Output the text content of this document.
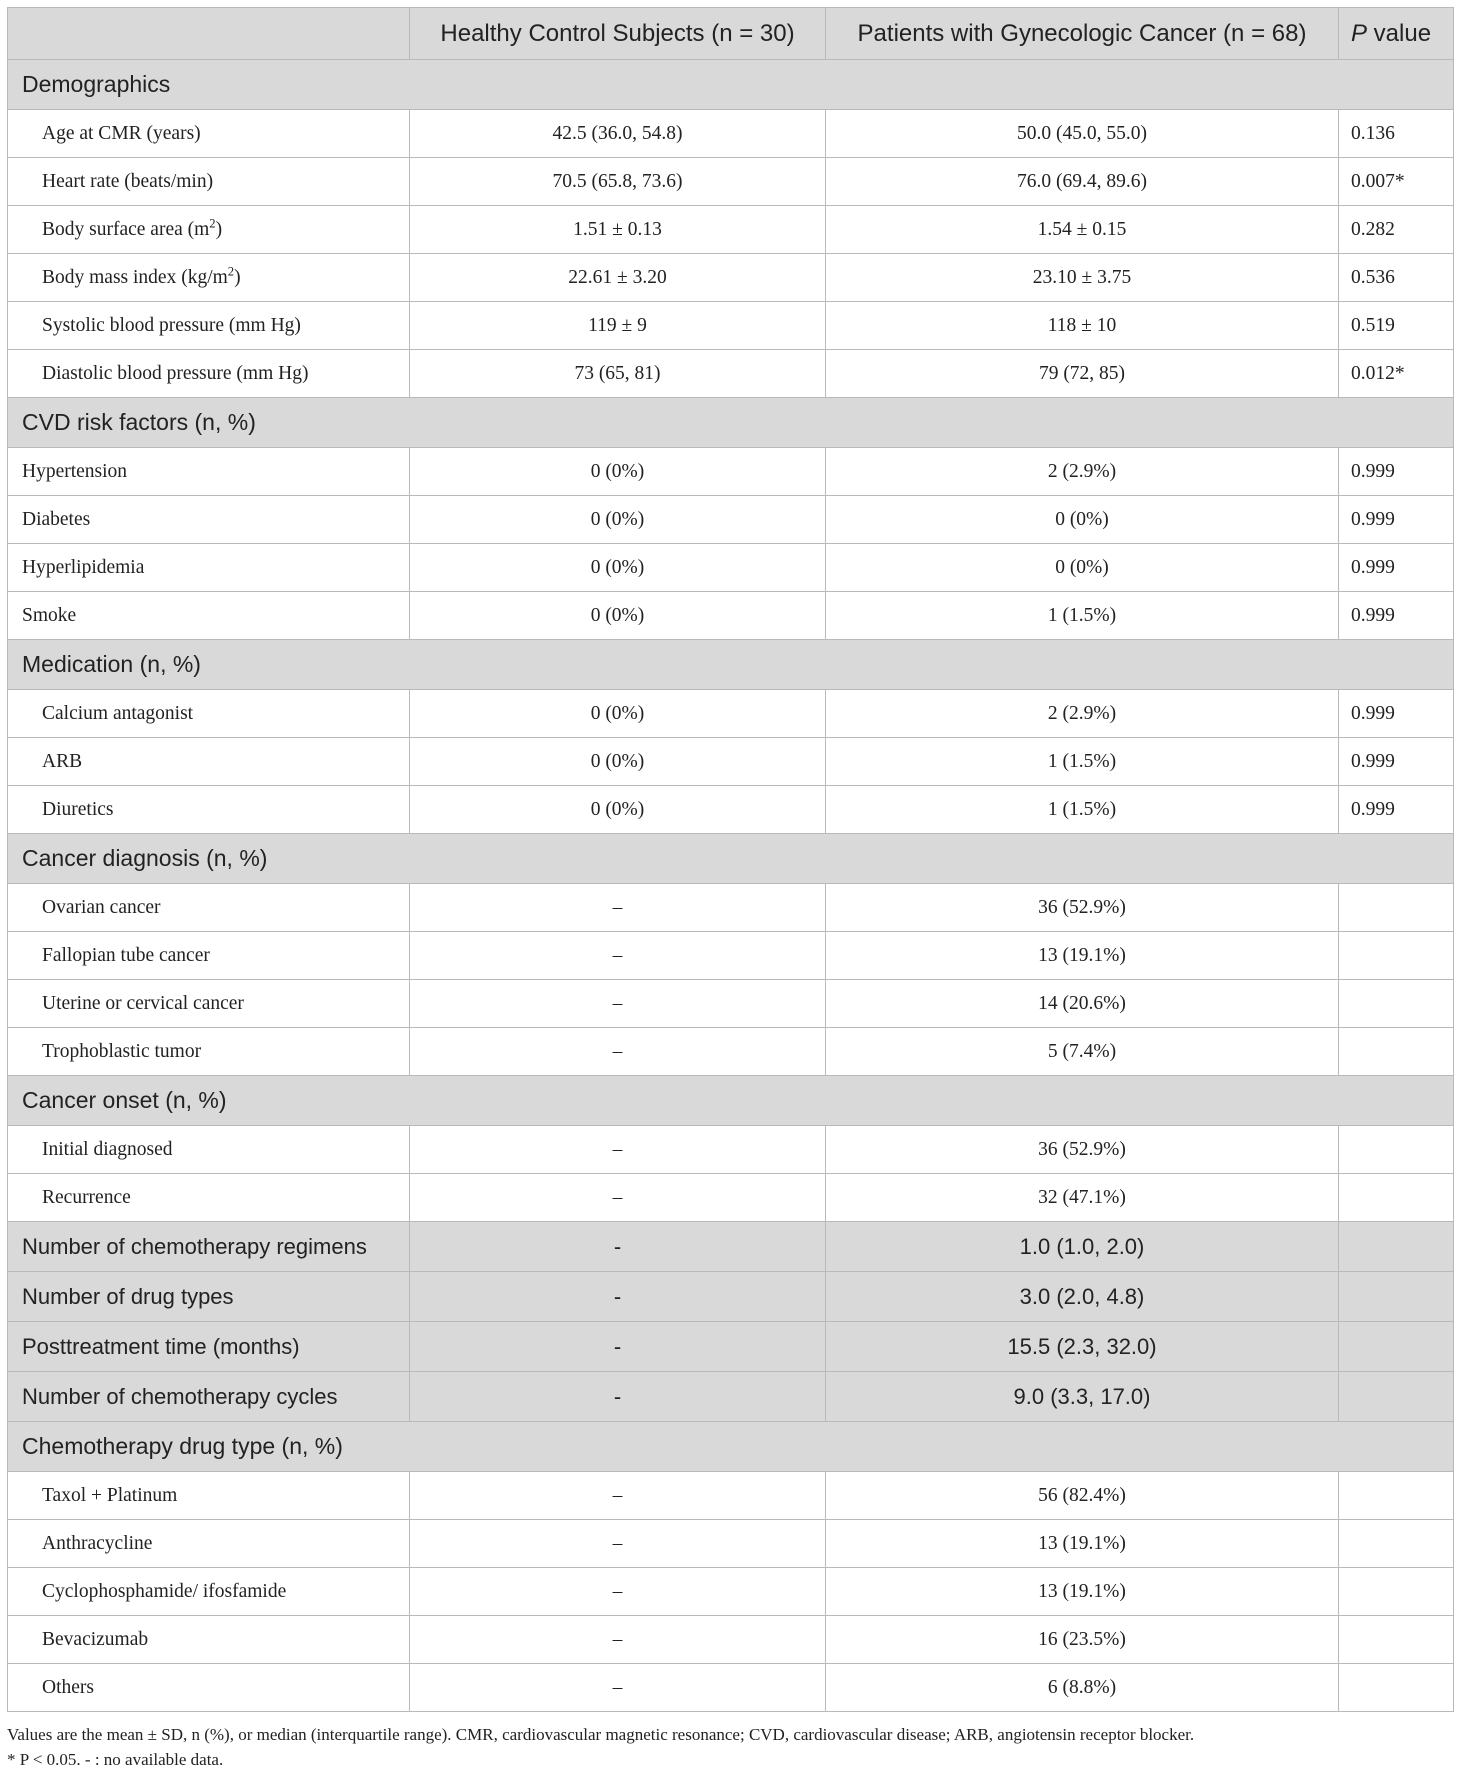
	Healthy Control Subjects (n = 30)	Patients with Gynecologic Cancer (n = 68)	P value
Demographics			
Age at CMR (years)	42.5 (36.0, 54.8)	50.0 (45.0, 55.0)	0.136
Heart rate (beats/min)	70.5 (65.8, 73.6)	76.0 (69.4, 89.6)	0.007*
Body surface area $(m^2)$	1.51 ± 0.13	1.54 ± 0.15	0.282
Body mass index $(kg/m^2)$	22.61 ± 3.20	23.10 ± 3.75	0.536
Systolic blood pressure (mm Hg)	119 ± 9	118 ± 10	0.519
Diastolic blood pressure (mm Hg)	73 (65, 81)	79 (72, 85)	0.012*
CVD risk factors (n, %)			
Hypertension	0 (0%)	2 (2.9%)	0.999
Diabetes	0 (0%)	0 (0%)	0.999
Hyperlipidemia	0 (0%)	0 (0%)	0.999
Smoke	0 (0%)	1 (1.5%)	0.999
Medication (n, %)			
Calcium antagonist	0 (0%)	2 (2.9%)	0.999
ARB	0 (0%)	1 (1.5%)	0.999
Diuretics	0 (0%)	1 (1.5%)	0.999
Cancer diagnosis (n, %)			
Ovarian cancer	–	36 (52.9%)	
Fallopian tube cancer	–	13 (19.1%)	
Uterine or cervical cancer	–	14 (20.6%)	
Trophoblastic tumor	–	5 (7.4%)	
Cancer onset (n, %)			
Initial diagnosed	–	36 (52.9%)	
Recurrence	–	32 (47.1%)	
Number of chemotherapy regimens	-	1.0 (1.0, 2.0)	
Number of drug types	-	3.0 (2.0, 4.8)	
Posttreatment time (months)	-	15.5 (2.3, 32.0)	
Number of chemotherapy cycles	-	9.0 (3.3, 17.0)	
Chemotherapy drug type (n, %)			
Taxol + Platinum	–	56 (82.4%)	
Anthracycline	–	13 (19.1%)	
Cyclophosphamide/ ifosfamide	–	13 (19.1%)	
Bevacizumab	–	16 (23.5%)	
Others	–	6 (8.8%)	
Values are the mean ± SD, n (%), or median (interquartile range). CMR, cardiovascular magnetic resonance; CVD, cardiovascular disease; ARB, angiotensin receptor blocker.
* P < 0.05. - : no available data.
